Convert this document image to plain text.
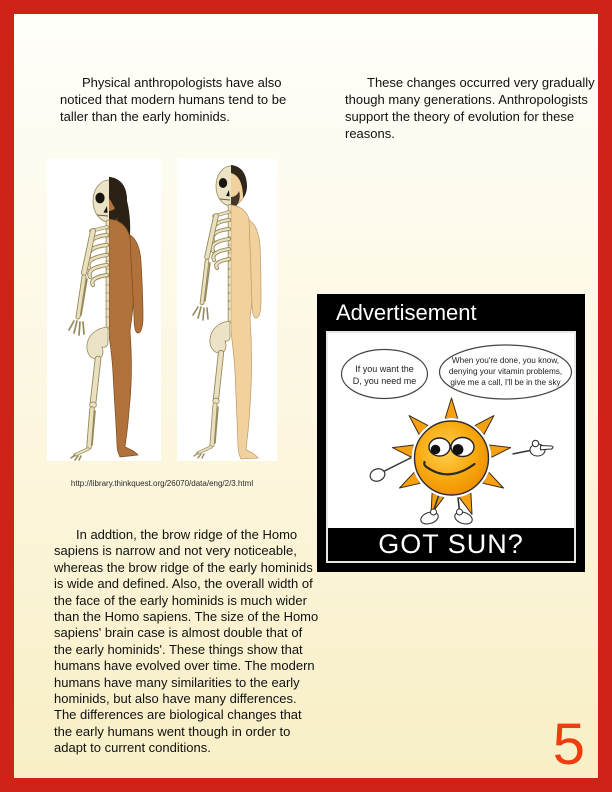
Physical anthropologists have also noticed that modern humans tend to be taller than the early hominids.

These changes occurred very gradually though many generations. Anthropologists support the theory of evolution for these reasons.

http://library.thinkquest.org/26070/data/eng/2/3.html
Advertisement
If you want the
D, you need me
When you're done, you know,
denying your vitamin problems,
give me a call, I'll be in the sky
GOT SUN?

In addtion, the brow ridge of the Homo sapiens is narrow and not very noticeable, whereas the brow ridge of the early hominids is wide and defined. Also, the overall width of the face of the early hominids is much wider than the Homo sapiens. The size of the Homo sapiens' brain case is almost double that of the early hominids'. These things show that humans have evolved over time. The modern humans have many similarities to the early hominids, but also have many differences. The differences are biological changes that the early humans went though in order to adapt to current conditions.	5
